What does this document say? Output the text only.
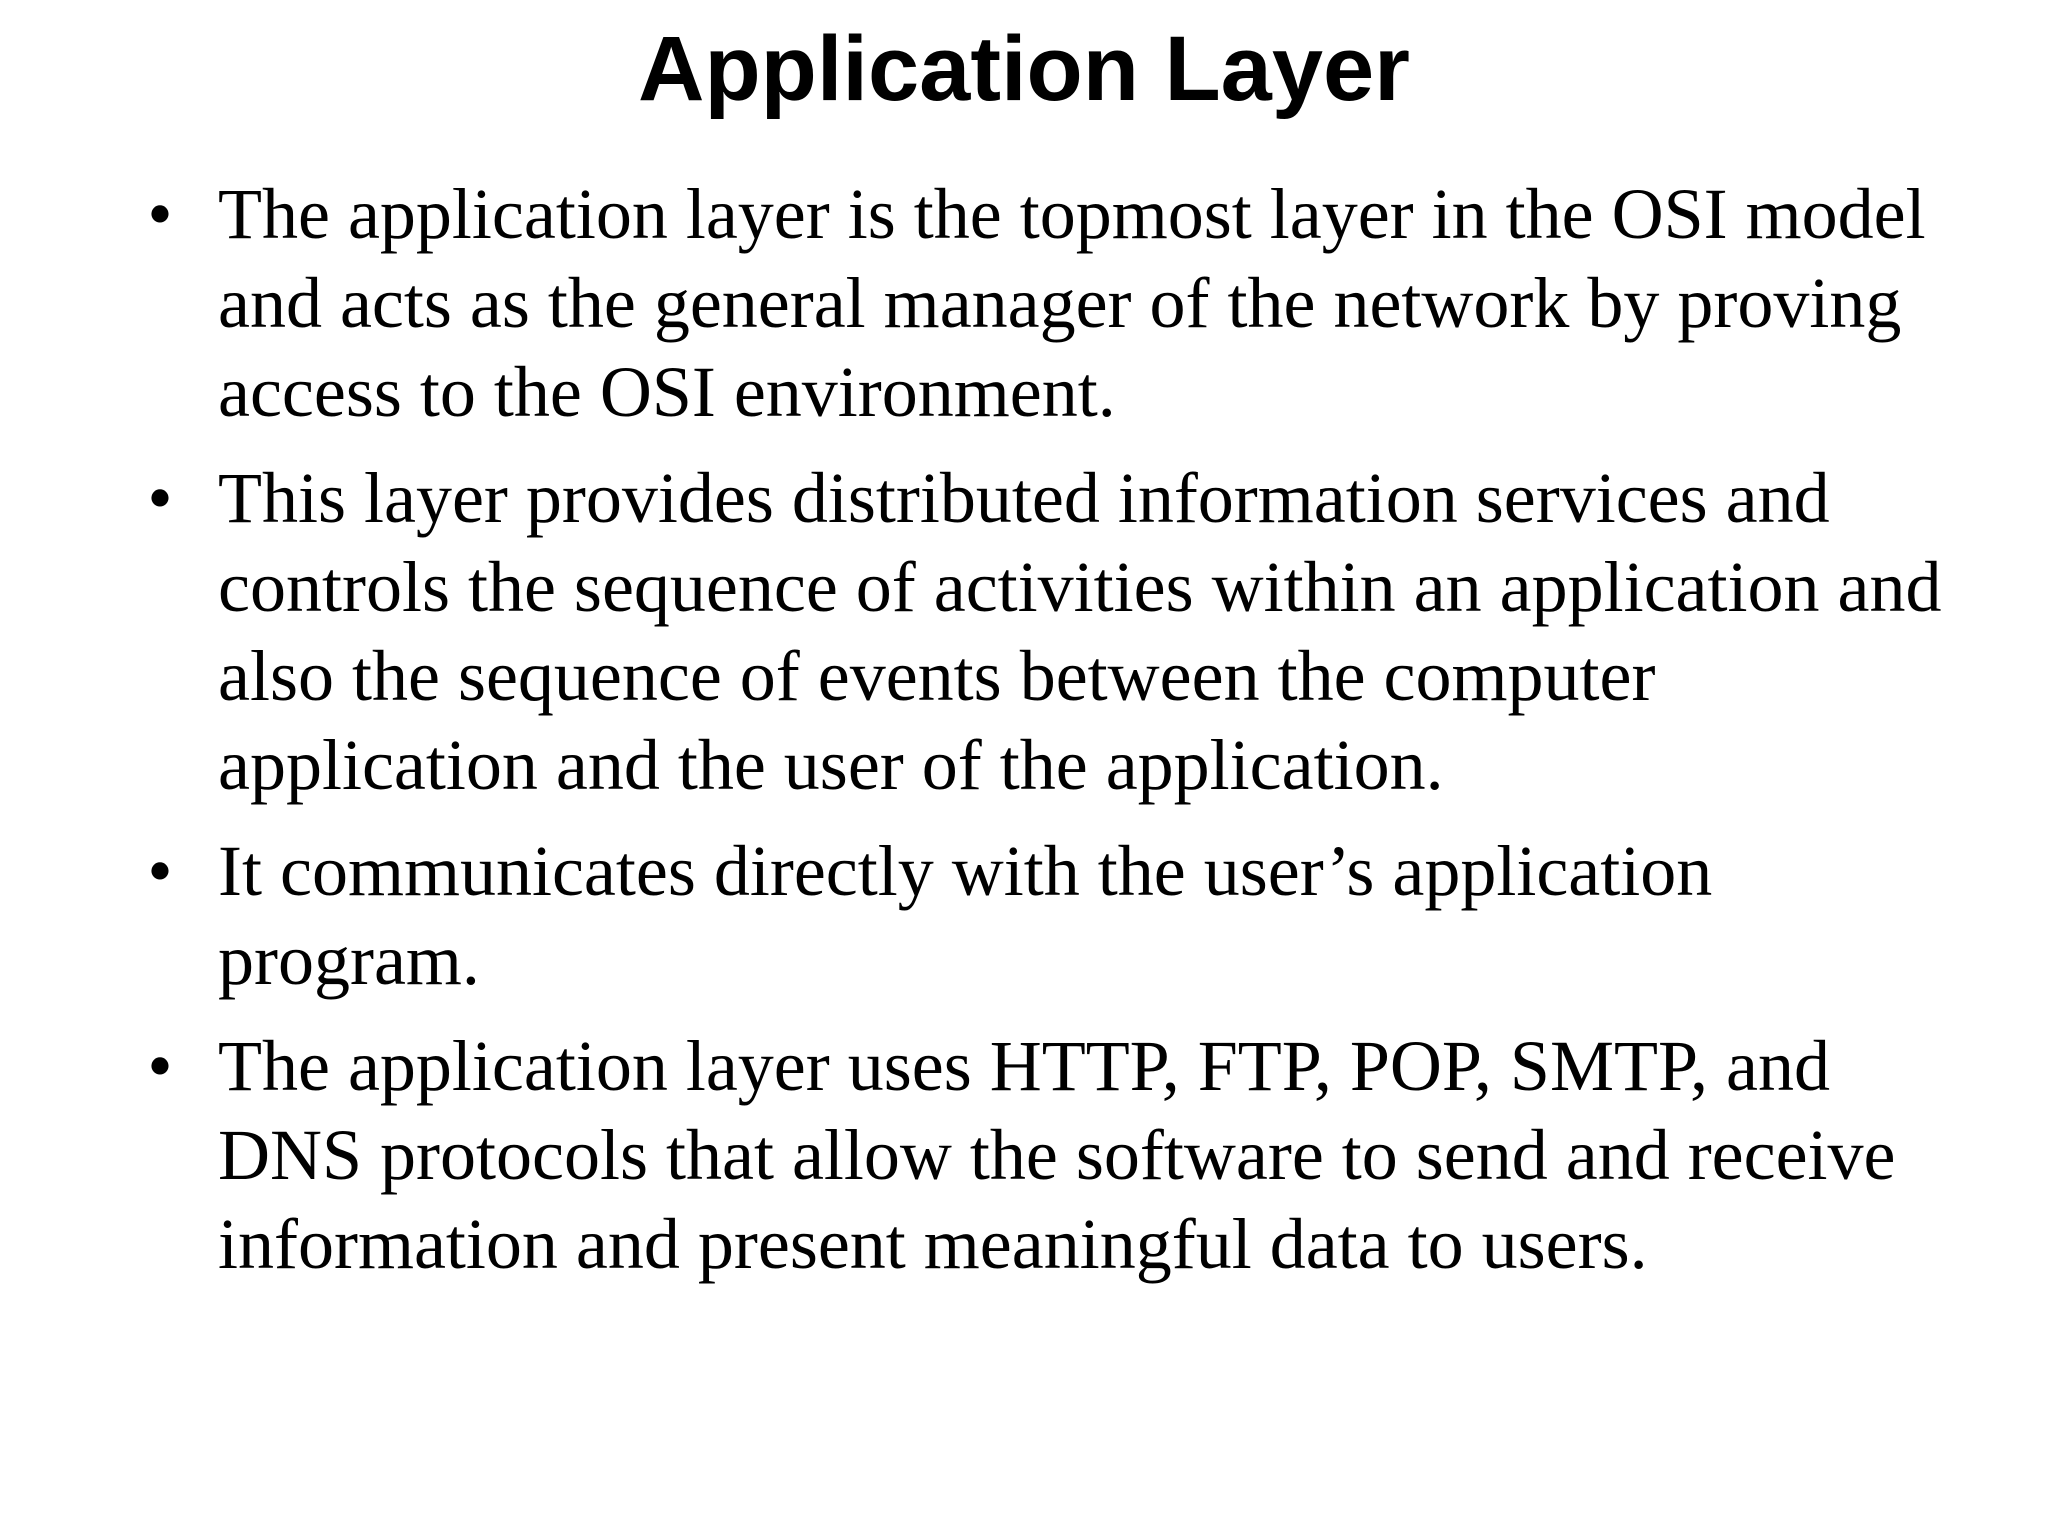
Application Layer
• The application layer is the topmost layer in the OSI model and acts as the general manager of the network by proving access to the OSI environment.
• This layer provides distributed information services and controls the sequence of activities within an application and also the sequence of events between the computer application and the user of the application.
• It communicates directly with the user’s application program.
• The application layer uses HTTP, FTP, POP, SMTP, and DNS protocols that allow the software to send and receive information and present meaningful data to users.
